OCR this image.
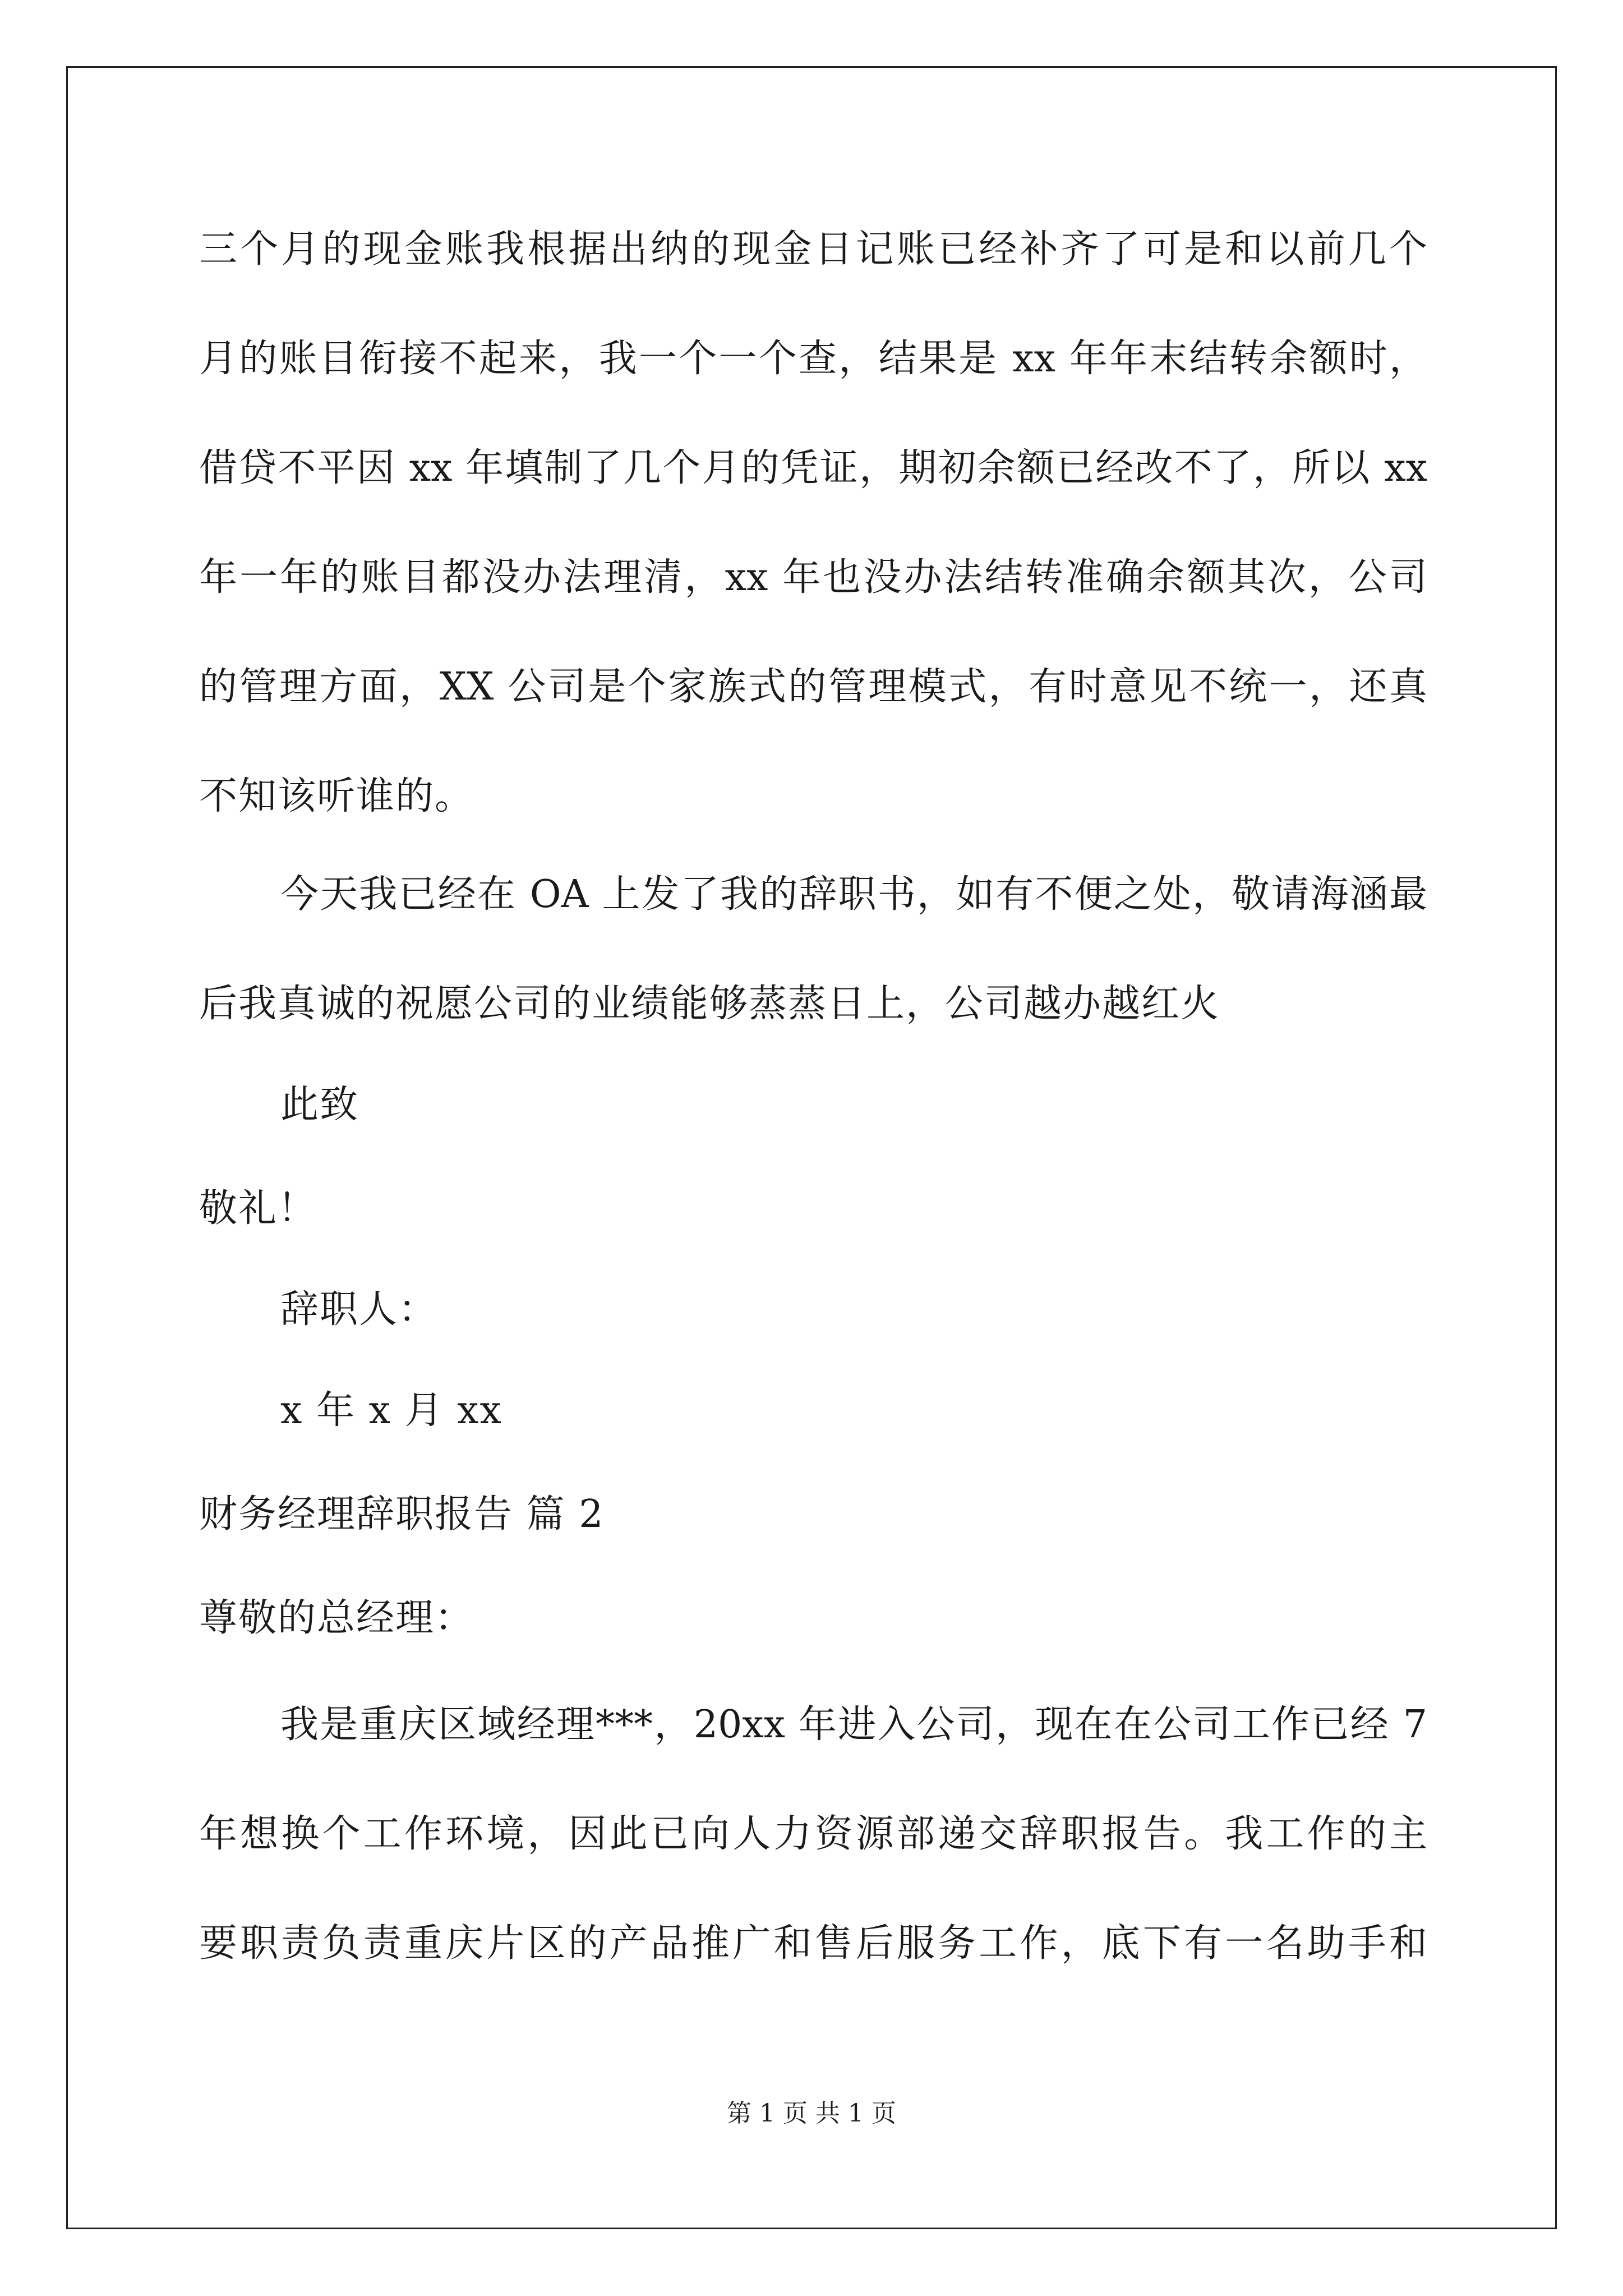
三个月的现金账我根据出纳的现金日记账已经补齐了可是和以前几个
月的账目衔接不起来，我一个一个查，结果是 xx 年年末结转余额时，
借贷不平因 xx 年填制了几个月的凭证，期初余额已经改不了，所以 xx
年一年的账目都没办法理清，xx 年也没办法结转准确余额其次，公司
的管理方面，XX 公司是个家族式的管理模式，有时意见不统一，还真
不知该听谁的。
今天我已经在 OA 上发了我的辞职书，如有不便之处，敬请海涵最
后我真诚的祝愿公司的业绩能够蒸蒸日上，公司越办越红火
此致
敬礼！
辞职人：
x 年 x 月 xx
财务经理辞职报告 篇 2
尊敬的总经理：
我是重庆区域经理***，20xx 年进入公司，现在在公司工作已经 7
年想换个工作环境，因此已向人力资源部递交辞职报告。我工作的主
要职责负责重庆片区的产品推广和售后服务工作，底下有一名助手和
第 1 页 共 1 页
